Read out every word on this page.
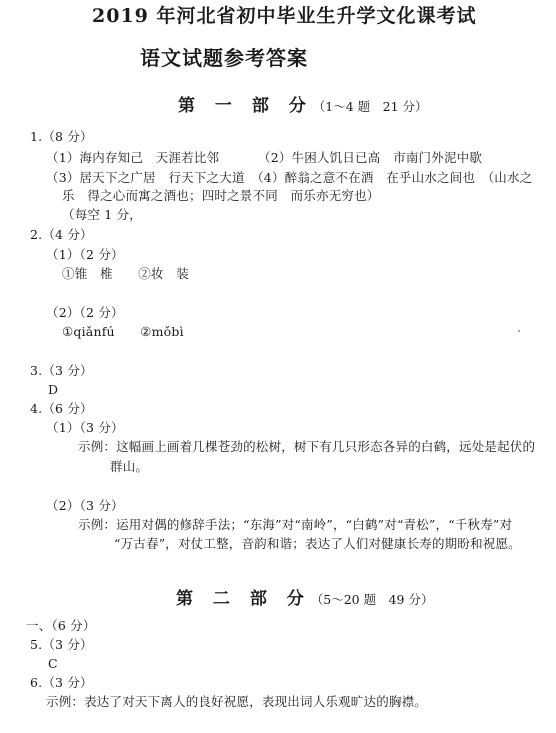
2019 年河北省初中毕业生升学文化课考试
语文试题参考答案
第 一 部 分（1～4 题　21 分）
1.（8 分）
（1）海内存知己　天涯若比邻	（2）牛困人饥日已高　市南门外泥中歇
（3）居天下之广居　行天下之大道　（4）醉翁之意不在酒　在乎山水之间也　（山水之
乐　得之心而寓之酒也；四时之景不同　而乐亦无穷也）
（每空 1 分，
2.（4 分）
（1）（2 分）
①锥　椎　　②妆　装
（2）（2 分）
①qiǎnfú　　②mǒbì
3.（3 分）
D
4.（6 分）
（1）（3 分）
示例：这幅画上画着几棵苍劲的松树，树下有几只形态各异的白鹤，远处是起伏的
群山。
（2）（3 分）
示例：运用对偶的修辞手法；“东海”对“南岭”，“白鹤”对“青松”，“千秋寿”对
“万古春”，对仗工整，音韵和谐；表达了人们对健康长寿的期盼和祝愿。
第 二 部 分（5～20 题　49 分）
一、（6 分）
5.（3 分）
C
6.（3 分）
示例：表达了对天下离人的良好祝愿，表现出词人乐观旷达的胸襟。
